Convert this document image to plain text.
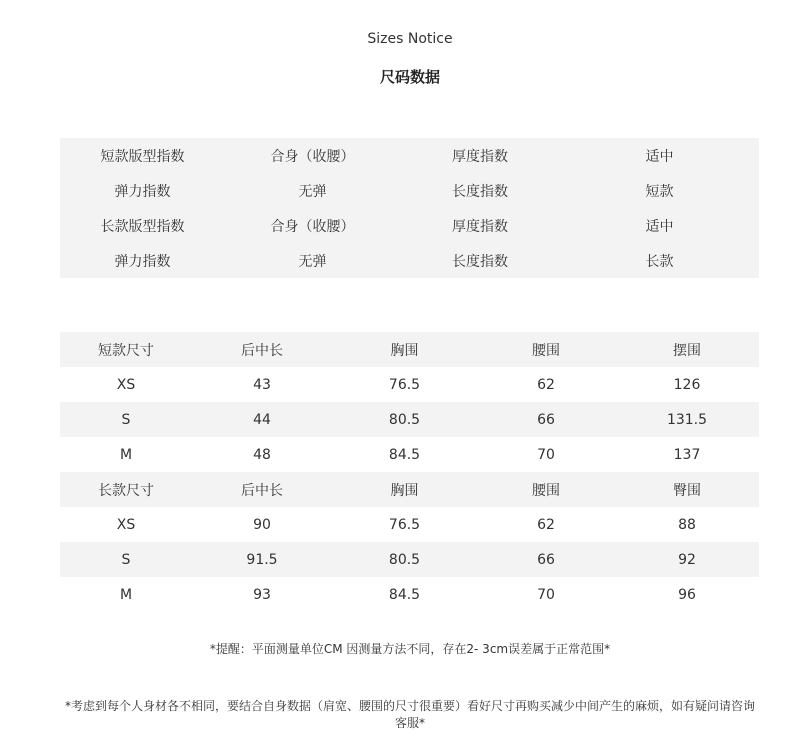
Sizes Notice
尺码数据
短款版型指数	合身（收腰）	厚度指数	适中
弹力指数	无弹	长度指数	短款
长款版型指数	合身（收腰）	厚度指数	适中
弹力指数	无弹	长度指数	长款
短款尺寸	后中长	胸围	腰围	摆围
XS	43	76.5	62	126
S	44	80.5	66	131.5
M	48	84.5	70	137
长款尺寸	后中长	胸围	腰围	臀围
XS	90	76.5	62	88
S	91.5	80.5	66	92
M	93	84.5	70	96
*提醒：平面测量单位CM 因测量方法不同，存在2- 3cm误差属于正常范围*
*考虑到每个人身材各不相同，要结合自身数据（肩宽、腰围的尺寸很重要）看好尺寸再购买减少中间产生的麻烦，如有疑问请咨询客服*
